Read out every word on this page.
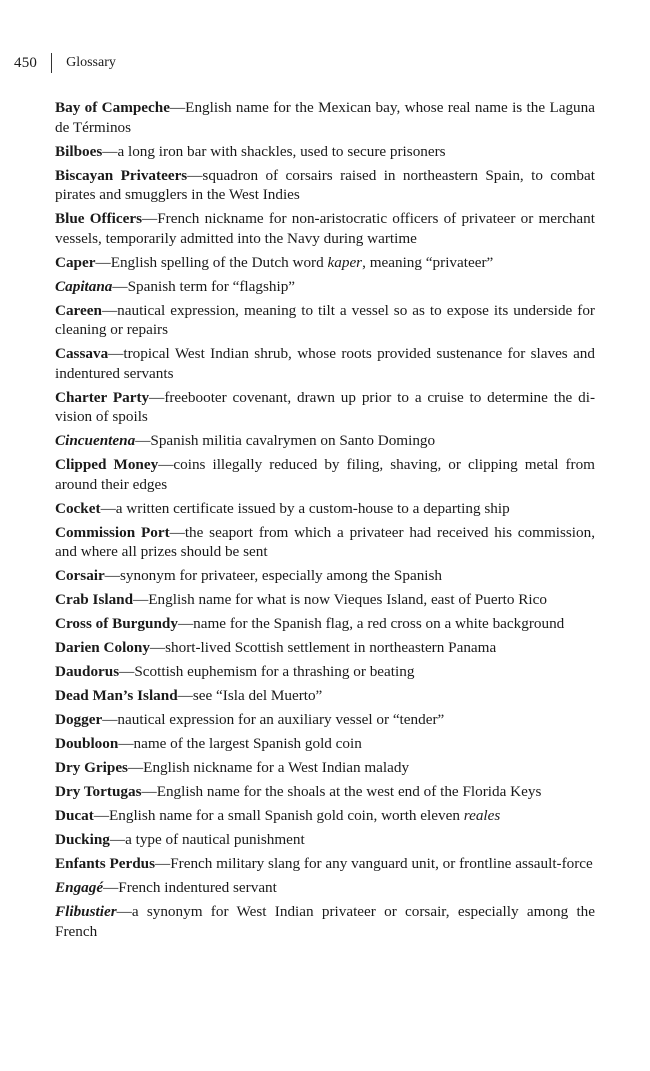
450 Glossary

Bay of Campeche—English name for the Mexican bay, whose real name is the Laguna de Términos

Bilboes—a long iron bar with shackles, used to secure prisoners

Biscayan Privateers—squadron of corsairs raised in northeastern Spain, to combat pirates and smugglers in the West Indies

Blue Officers—French nickname for non-aristocratic officers of privateer or merchant vessels, temporarily admitted into the Navy during wartime

Caper—English spelling of the Dutch word kaper, meaning “privateer”

Capitana—Spanish term for “flagship”

Careen—nautical expression, meaning to tilt a vessel so as to expose its underside for cleaning or repairs

Cassava—tropical West Indian shrub, whose roots provided sustenance for slaves and indentured servants

Charter Party—freebooter covenant, drawn up prior to a cruise to determine the di-vision of spoils

Cincuentena—Spanish militia cavalrymen on Santo Domingo

Clipped Money—coins illegally reduced by filing, shaving, or clipping metal from around their edges

Cocket—a written certificate issued by a custom-house to a departing ship

Commission Port—the seaport from which a privateer had received his commission, and where all prizes should be sent

Corsair—synonym for privateer, especially among the Spanish

Crab Island—English name for what is now Vieques Island, east of Puerto Rico

Cross of Burgundy—name for the Spanish flag, a red cross on a white background

Darien Colony—short-lived Scottish settlement in northeastern Panama

Daudorus—Scottish euphemism for a thrashing or beating

Dead Man’s Island—see “Isla del Muerto”

Dogger—nautical expression for an auxiliary vessel or “tender”

Doubloon—name of the largest Spanish gold coin

Dry Gripes—English nickname for a West Indian malady

Dry Tortugas—English name for the shoals at the west end of the Florida Keys

Ducat—English name for a small Spanish gold coin, worth eleven reales

Ducking—a type of nautical punishment

Enfants Perdus—French military slang for any vanguard unit, or frontline assault-force

Engagé—French indentured servant

Flibustier—a synonym for West Indian privateer or corsair, especially among the French
